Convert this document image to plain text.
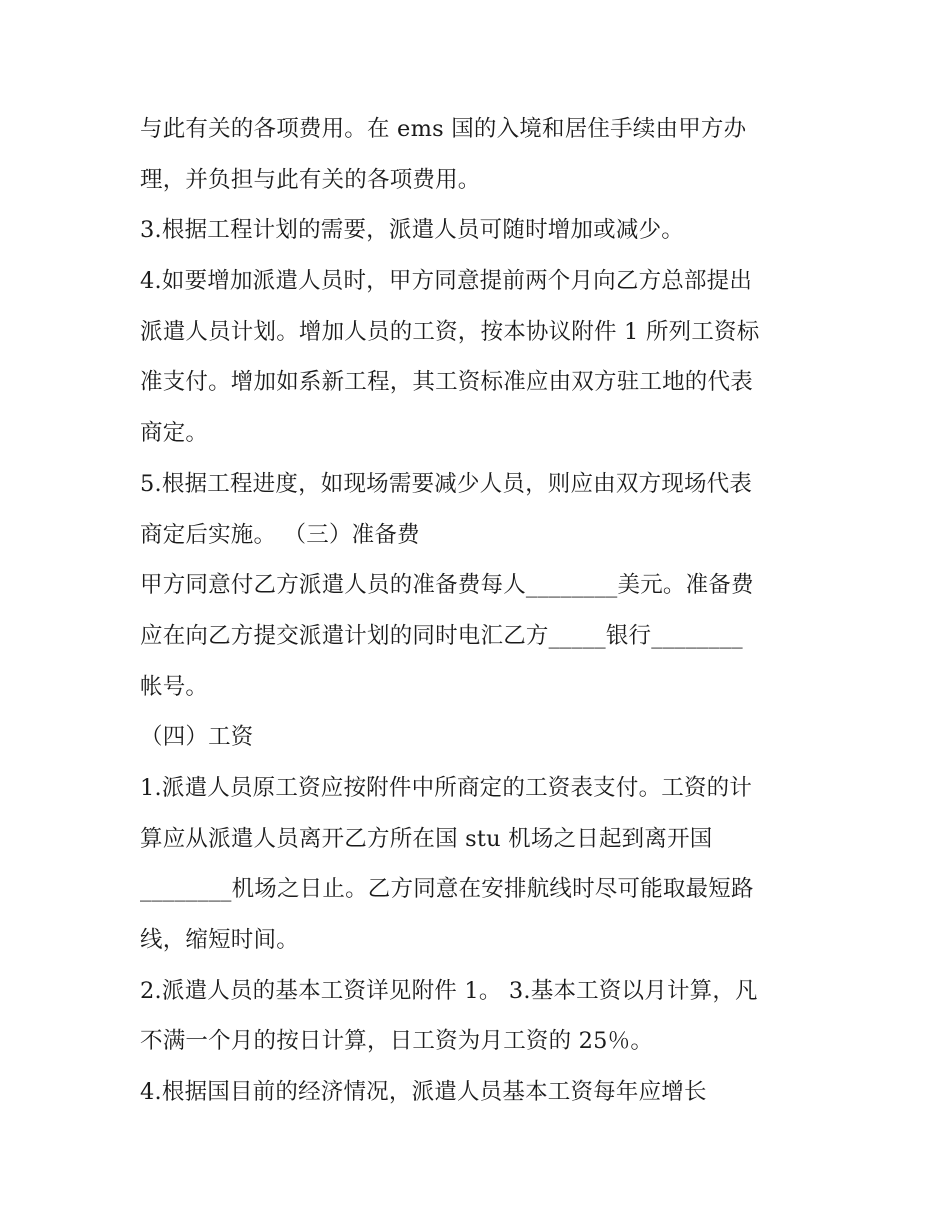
与此有关的各项费用。在 ems 国的入境和居住手续由甲方办
理，并负担与此有关的各项费用。
3.根据工程计划的需要，派遣人员可随时增加或减少。
4.如要增加派遣人员时，甲方同意提前两个月向乙方总部提出
派遣人员计划。增加人员的工资，按本协议附件 1 所列工资标
准支付。增加如系新工程，其工资标准应由双方驻工地的代表
商定。
5.根据工程进度，如现场需要减少人员，则应由双方现场代表
商定后实施。 （三）准备费
甲方同意付乙方派遣人员的准备费每人________美元。准备费
应在向乙方提交派遣计划的同时电汇乙方_____银行________
帐号。
（四）工资
1.派遣人员原工资应按附件中所商定的工资表支付。工资的计
算应从派遣人员离开乙方所在国 stu 机场之日起到离开国
________机场之日止。乙方同意在安排航线时尽可能取最短路
线，缩短时间。
2.派遣人员的基本工资详见附件 1。 3.基本工资以月计算，凡
不满一个月的按日计算，日工资为月工资的 25％。
4.根据国目前的经济情况，派遣人员基本工资每年应增长
